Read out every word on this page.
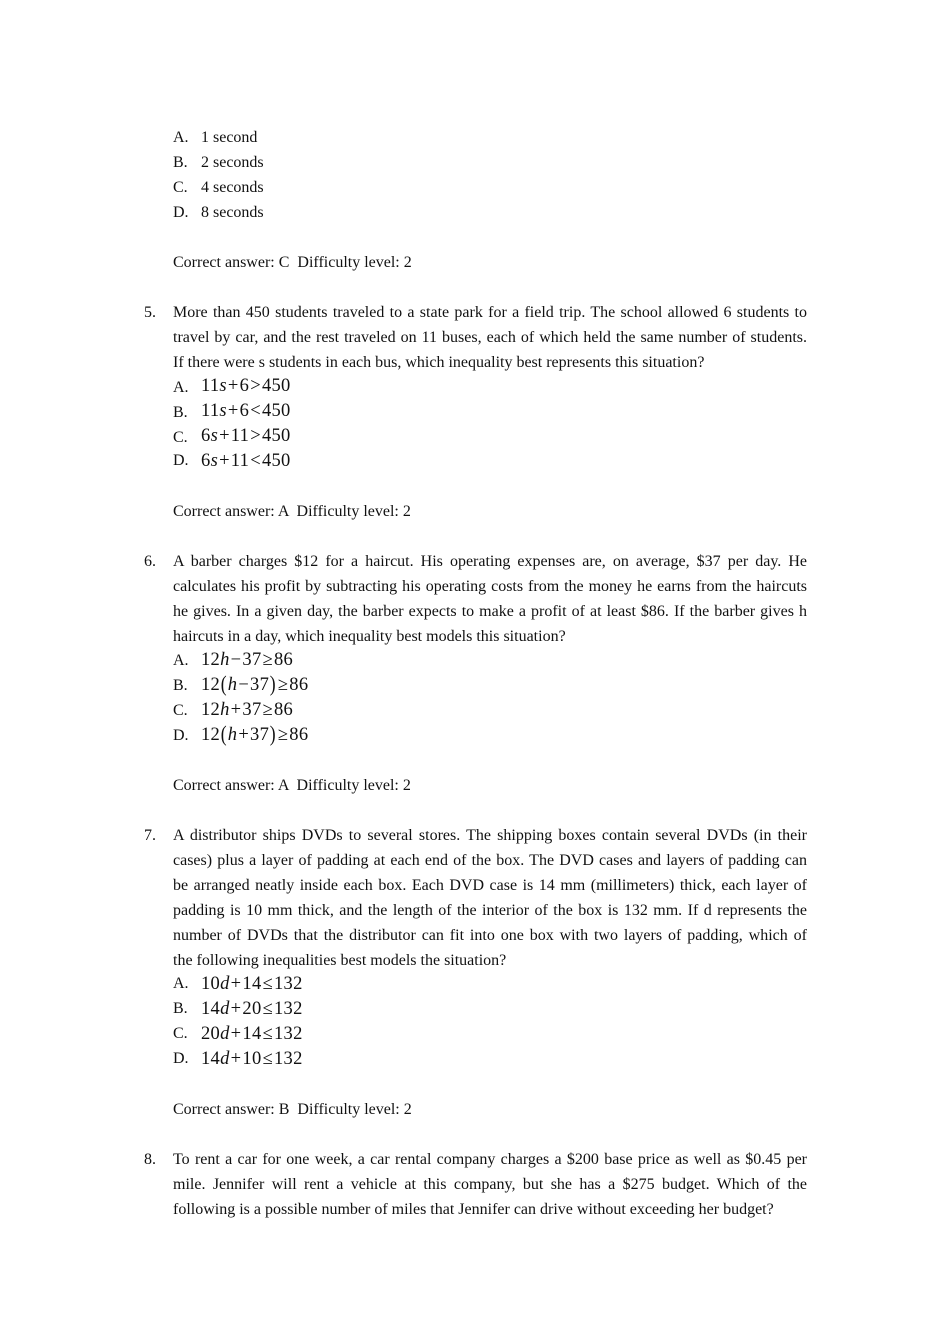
A. 1 second
B. 2 seconds
C. 4 seconds
D. 8 seconds
Correct answer: C  Difficulty level: 2
5. More than 450 students traveled to a state park for a field trip. The school allowed 6 students to
travel by car, and the rest traveled on 11 buses, each of which held the same number of students.
If there were s students in each bus, which inequality best represents this situation?
A. 11s+6>450
B. 11s+6<450
C. 6s+11>450
D. 6s+11<450
Correct answer: A  Difficulty level: 2
6. A barber charges $12 for a haircut. His operating expenses are, on average, $37 per day. He
calculates his profit by subtracting his operating costs from the money he earns from the haircuts
he gives. In a given day, the barber expects to make a profit of at least $86. If the barber gives h
haircuts in a day, which inequality best models this situation?
A. 12h−37≥86
B. 12(h−37)≥86
C. 12h+37≥86
D. 12(h+37)≥86
Correct answer: A  Difficulty level: 2
7. A distributor ships DVDs to several stores. The shipping boxes contain several DVDs (in their
cases) plus a layer of padding at each end of the box. The DVD cases and layers of padding can
be arranged neatly inside each box. Each DVD case is 14 mm (millimeters) thick, each layer of
padding is 10 mm thick, and the length of the interior of the box is 132 mm. If d represents the
number of DVDs that the distributor can fit into one box with two layers of padding, which of
the following inequalities best models the situation?
A. 10d+14≤132
B. 14d+20≤132
C. 20d+14≤132
D. 14d+10≤132
Correct answer: B  Difficulty level: 2
8. To rent a car for one week, a car rental company charges a $200 base price as well as $0.45 per
mile. Jennifer will rent a vehicle at this company, but she has a $275 budget. Which of the
following is a possible number of miles that Jennifer can drive without exceeding her budget?
